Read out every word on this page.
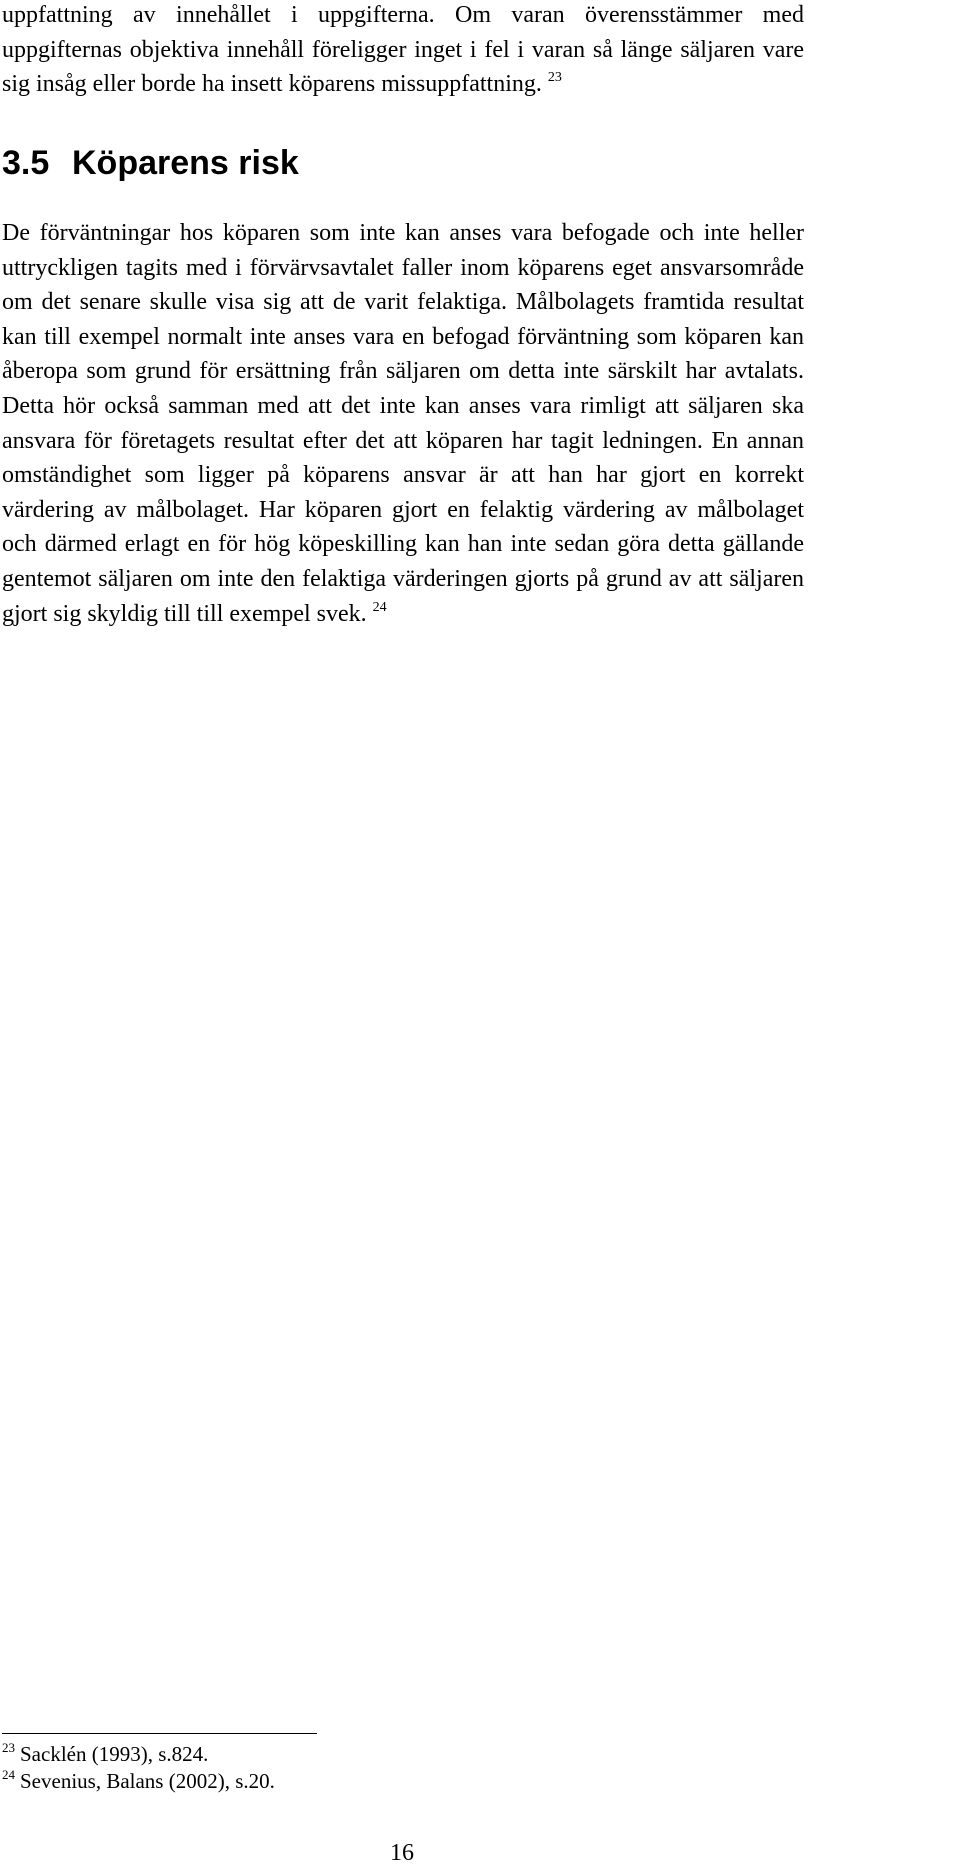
uppfattning av innehållet i uppgifterna. Om varan överensstämmer med uppgifternas objektiva innehåll föreligger inget i fel i varan så länge säljaren vare sig insåg eller borde ha insett köparens missuppfattning. $^{23}$

3.5 Köparens risk

De förväntningar hos köparen som inte kan anses vara befogade och inte heller uttryckligen tagits med i förvärvsavtalet faller inom köparens eget ansvarsområde om det senare skulle visa sig att de varit felaktiga. Målbolagets framtida resultat kan till exempel normalt inte anses vara en befogad förväntning som köparen kan åberopa som grund för ersättning från säljaren om detta inte särskilt har avtalats. Detta hör också samman med att det inte kan anses vara rimligt att säljaren ska ansvara för företagets resultat efter det att köparen har tagit ledningen. En annan omständighet som ligger på köparens ansvar är att han har gjort en korrekt värdering av målbolaget. Har köparen gjort en felaktig värdering av målbolaget och därmed erlagt en för hög köpeskilling kan han inte sedan göra detta gällande gentemot säljaren om inte den felaktiga värderingen gjorts på grund av att säljaren gjort sig skyldig till till exempel svek. $^{24}$

$^{23}$ Sacklén (1993), s.824.
$^{24}$ Sevenius, Balans (2002), s.20.
16
